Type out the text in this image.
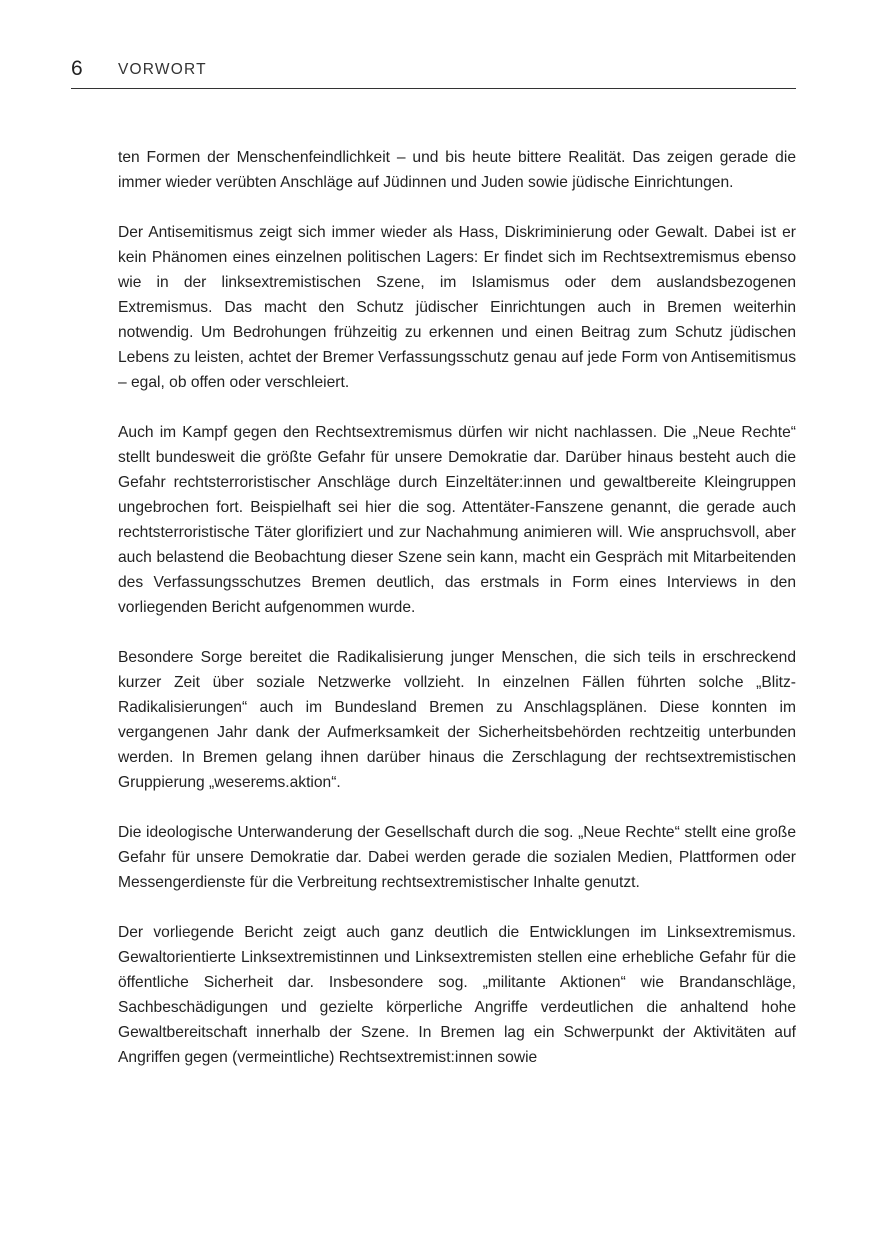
6 VORWORT

ten Formen der Menschenfeindlichkeit – und bis heute bittere Realität. Das zeigen gerade die immer wieder verübten Anschläge auf Jüdinnen und Juden sowie jüdische Einrichtungen.

Der Antisemitismus zeigt sich immer wieder als Hass, Diskriminierung oder Gewalt. Dabei ist er kein Phänomen eines einzelnen politischen Lagers: Er findet sich im Rechtsextremismus ebenso wie in der linksextremistischen Szene, im Islamismus oder dem auslandsbezogenen Extremismus. Das macht den Schutz jüdischer Einrichtungen auch in Bremen weiterhin notwendig. Um Bedrohungen frühzeitig zu erkennen und einen Beitrag zum Schutz jüdischen Lebens zu leisten, achtet der Bremer Verfassungsschutz genau auf jede Form von Antisemitismus – egal, ob offen oder verschleiert.

Auch im Kampf gegen den Rechtsextremismus dürfen wir nicht nachlassen. Die „Neue Rechte“ stellt bundesweit die größte Gefahr für unsere Demokratie dar. Darüber hinaus besteht auch die Gefahr rechtsterroristischer Anschläge durch Einzeltäter:innen und gewaltbereite Kleingruppen ungebrochen fort. Beispielhaft sei hier die sog. Attentäter-Fanszene genannt, die gerade auch rechtsterroristische Täter glorifiziert und zur Nachahmung animieren will. Wie anspruchsvoll, aber auch belastend die Beobachtung dieser Szene sein kann, macht ein Gespräch mit Mitarbeitenden des Verfassungsschutzes Bremen deutlich, das erstmals in Form eines Interviews in den vorliegenden Bericht aufgenommen wurde.

Besondere Sorge bereitet die Radikalisierung junger Menschen, die sich teils in erschreckend kurzer Zeit über soziale Netzwerke vollzieht. In einzelnen Fällen führten solche „Blitz-Radikalisierungen“ auch im Bundesland Bremen zu Anschlagsplänen. Diese konnten im vergangenen Jahr dank der Aufmerksamkeit der Sicherheitsbehörden rechtzeitig unterbunden werden. In Bremen gelang ihnen darüber hinaus die Zerschlagung der rechtsextremistischen Gruppierung „weserems.aktion“.

Die ideologische Unterwanderung der Gesellschaft durch die sog. „Neue Rechte“ stellt eine große Gefahr für unsere Demokratie dar. Dabei werden gerade die sozialen Medien, Plattformen oder Messengerdienste für die Verbreitung rechtsextremistischer Inhalte genutzt.

Der vorliegende Bericht zeigt auch ganz deutlich die Entwicklungen im Linksextremismus. Gewaltorientierte Linksextremistinnen und Linksextremisten stellen eine erhebliche Gefahr für die öffentliche Sicherheit dar. Insbesondere sog. „militante Aktionen“ wie Brandanschläge, Sachbeschädigungen und gezielte körperliche Angriffe verdeutlichen die anhaltend hohe Gewaltbereitschaft innerhalb der Szene. In Bremen lag ein Schwerpunkt der Aktivitäten auf Angriffen gegen (vermeintliche) Rechtsextremist:innen sowie
